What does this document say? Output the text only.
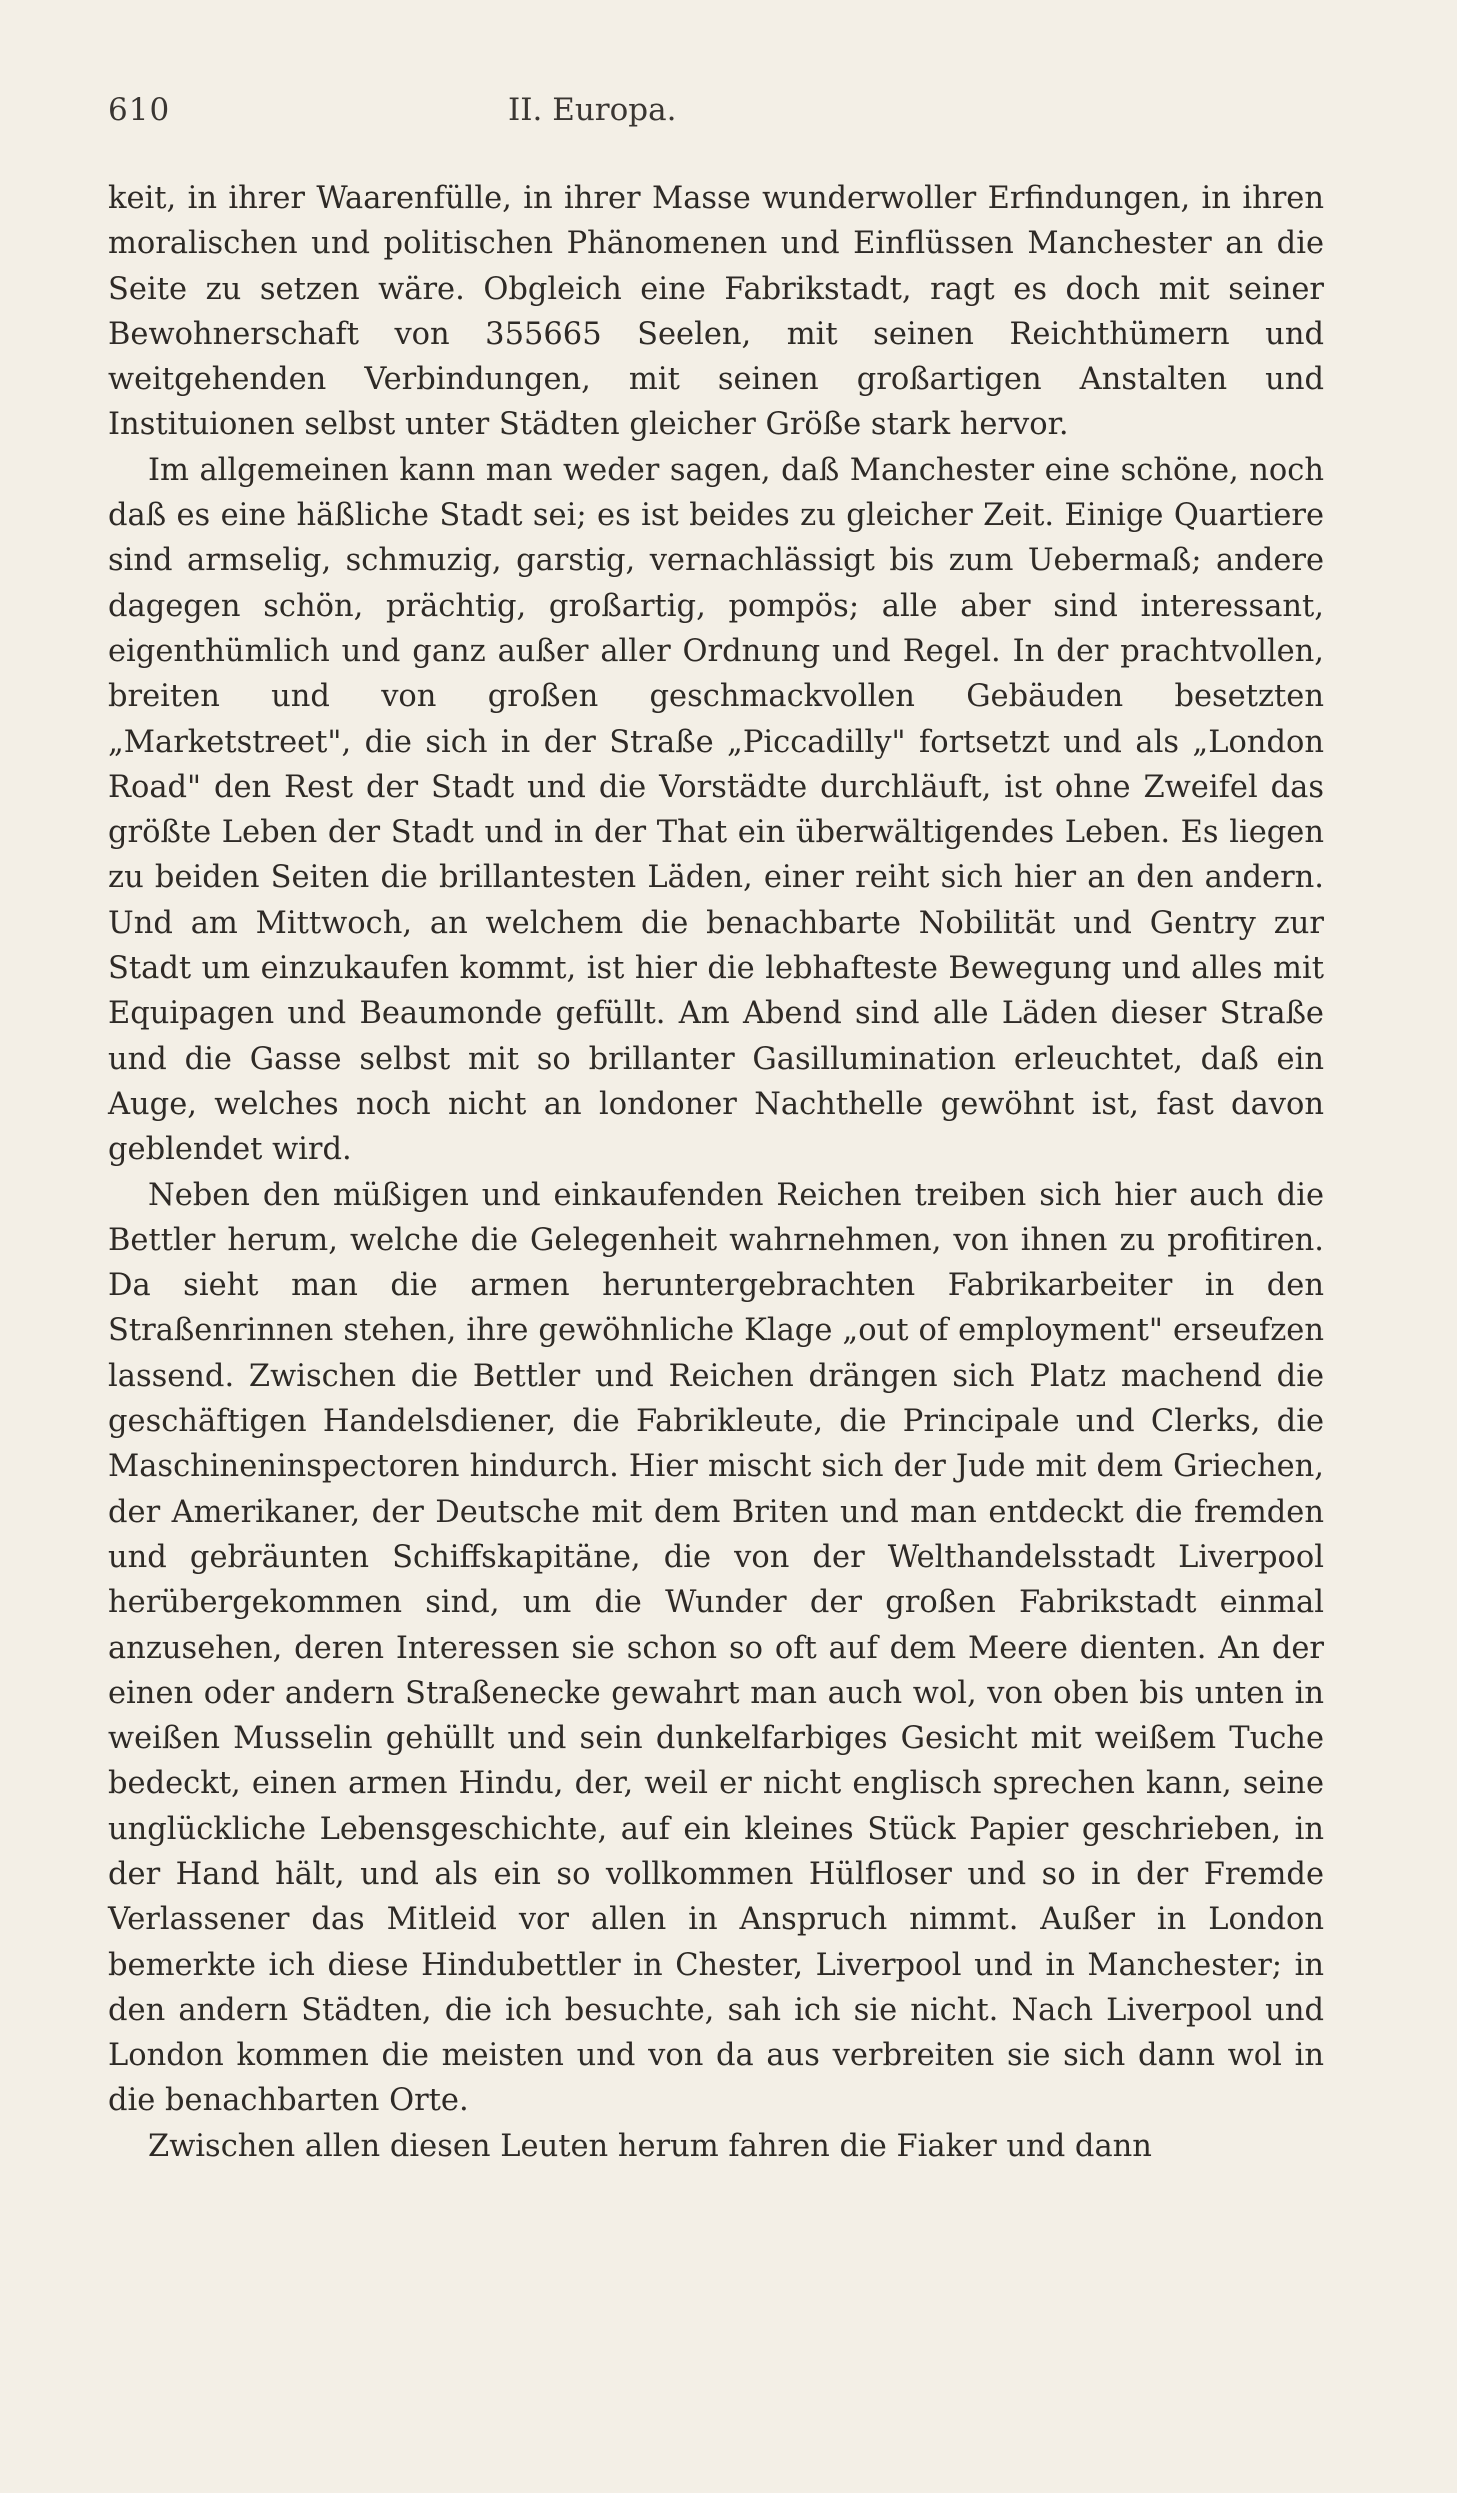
610	II. Europa.

keit, in ihrer Waarenfülle, in ihrer Masse wunderwoller Erfindungen, in ihren moralischen und politischen Phänomenen und Einflüssen Manchester an die Seite zu setzen wäre. Obgleich eine Fabrikstadt, ragt es doch mit seiner Bewohnerschaft von 355665 Seelen, mit seinen Reichthümern und weitgehenden Verbindungen, mit seinen großartigen Anstalten und Instituionen selbst unter Städten gleicher Größe stark hervor.

Im allgemeinen kann man weder sagen, daß Manchester eine schöne, noch daß es eine häßliche Stadt sei; es ist beides zu gleicher Zeit. Einige Quartiere sind armselig, schmuzig, garstig, vernachlässigt bis zum Uebermaß; andere dagegen schön, prächtig, großartig, pompös; alle aber sind interessant, eigenthümlich und ganz außer aller Ordnung und Regel. In der prachtvollen, breiten und von großen geschmackvollen Gebäuden besetzten „Marketstreet", die sich in der Straße „Piccadilly" fortsetzt und als „London Road" den Rest der Stadt und die Vorstädte durchläuft, ist ohne Zweifel das größte Leben der Stadt und in der That ein überwältigendes Leben. Es liegen zu beiden Seiten die brillantesten Läden, einer reiht sich hier an den andern. Und am Mittwoch, an welchem die benachbarte Nobilität und Gentry zur Stadt um einzukaufen kommt, ist hier die lebhafteste Bewegung und alles mit Equipagen und Beaumonde gefüllt. Am Abend sind alle Läden dieser Straße und die Gasse selbst mit so brillanter Gasillumination erleuchtet, daß ein Auge, welches noch nicht an londoner Nachthelle gewöhnt ist, fast davon geblendet wird.

Neben den müßigen und einkaufenden Reichen treiben sich hier auch die Bettler herum, welche die Gelegenheit wahrnehmen, von ihnen zu profitiren. Da sieht man die armen heruntergebrachten Fabrikarbeiter in den Straßenrinnen stehen, ihre gewöhnliche Klage „out of employment" erseufzen lassend. Zwischen die Bettler und Reichen drängen sich Platz machend die geschäftigen Handelsdiener, die Fabrikleute, die Principale und Clerks, die Maschineninspectoren hindurch. Hier mischt sich der Jude mit dem Griechen, der Amerikaner, der Deutsche mit dem Briten und man entdeckt die fremden und gebräunten Schiffskapitäne, die von der Welthandelsstadt Liverpool herübergekommen sind, um die Wunder der großen Fabrikstadt einmal anzusehen, deren Interessen sie schon so oft auf dem Meere dienten. An der einen oder andern Straßenecke gewahrt man auch wol, von oben bis unten in weißen Musselin gehüllt und sein dunkelfarbiges Gesicht mit weißem Tuche bedeckt, einen armen Hindu, der, weil er nicht englisch sprechen kann, seine unglückliche Lebensgeschichte, auf ein kleines Stück Papier geschrieben, in der Hand hält, und als ein so vollkommen Hülfloser und so in der Fremde Verlassener das Mitleid vor allen in Anspruch nimmt. Außer in London bemerkte ich diese Hindubettler in Chester, Liverpool und in Manchester; in den andern Städten, die ich besuchte, sah ich sie nicht. Nach Liverpool und London kommen die meisten und von da aus verbreiten sie sich dann wol in die benachbarten Orte.

Zwischen allen diesen Leuten herum fahren die Fiaker und dann
